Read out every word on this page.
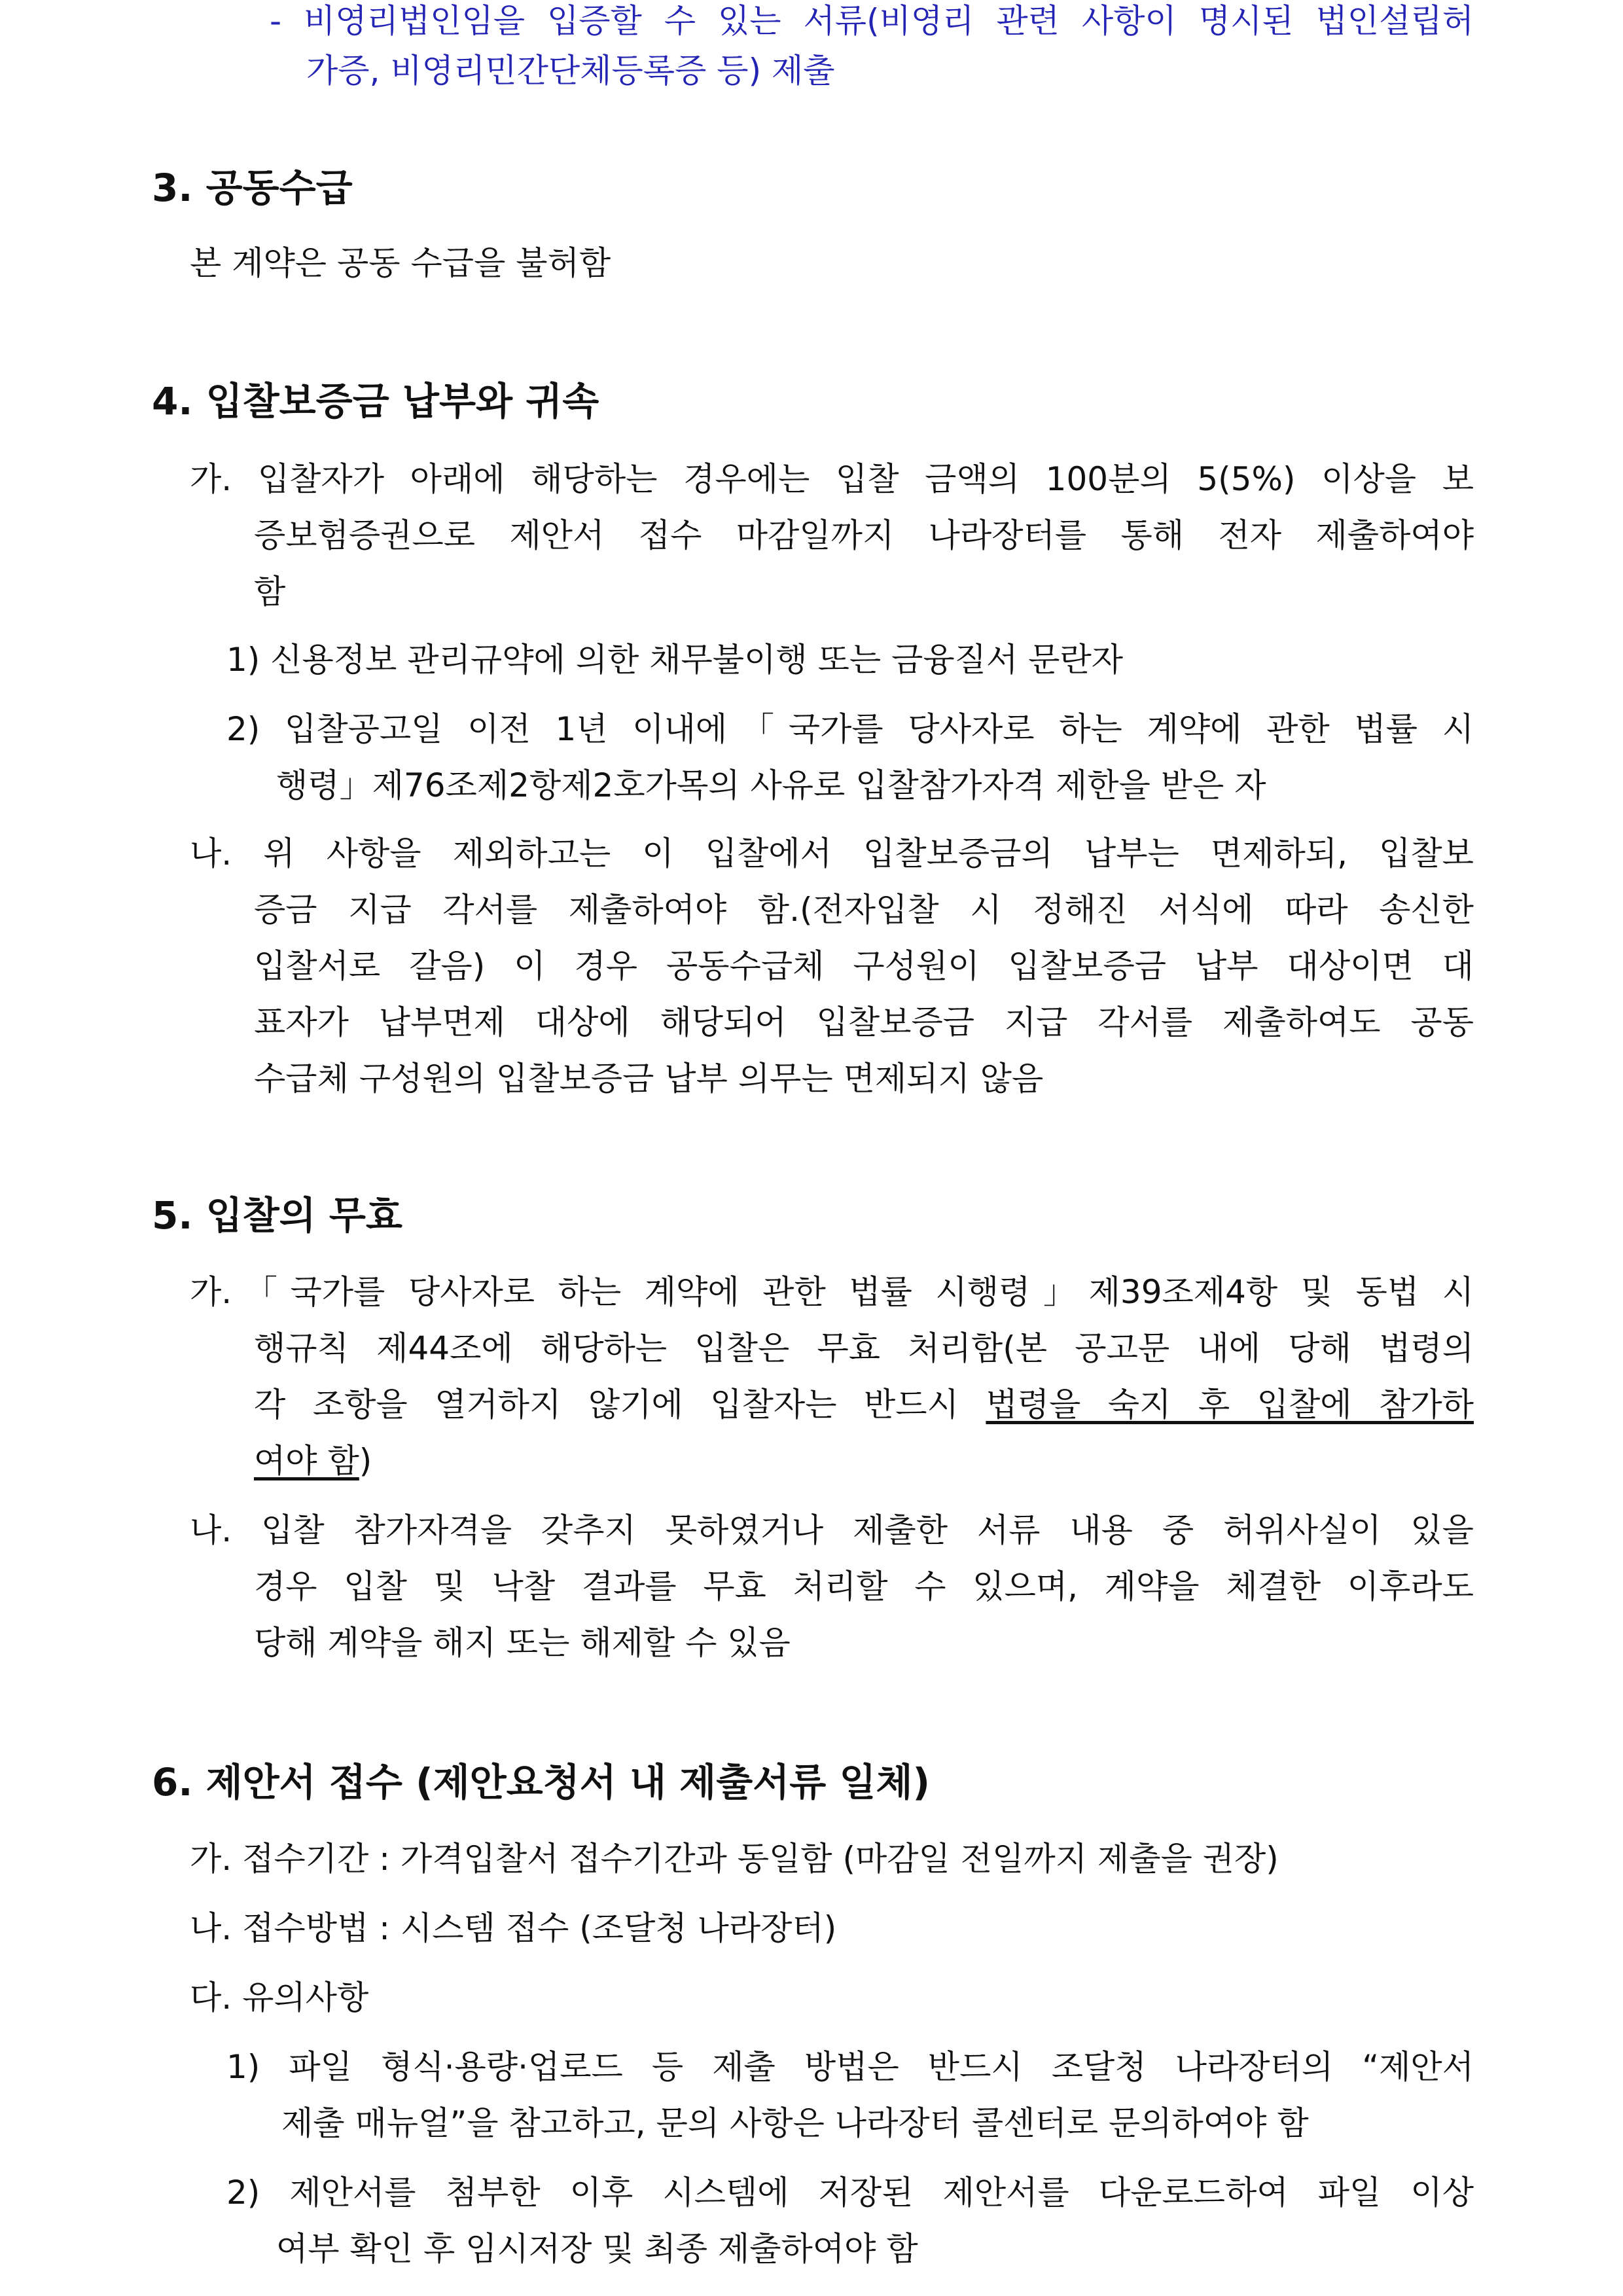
- 비영리법인임을 입증할 수 있는 서류(비영리 관련 사항이 명시된 법인설립허
가증, 비영리민간단체등록증 등) 제출
3. 공동수급
본 계약은 공동 수급을 불허함
4. 입찰보증금 납부와 귀속
가. 입찰자가 아래에 해당하는 경우에는 입찰 금액의 100분의 5(5%) 이상을 보
증보험증권으로 제안서 접수 마감일까지 나라장터를 통해 전자 제출하여야
함
1) 신용정보 관리규약에 의한 채무불이행 또는 금융질서 문란자
2) 입찰공고일 이전 1년 이내에「국가를 당사자로 하는 계약에 관한 법률 시
행령」제76조제2항제2호가목의 사유로 입찰참가자격 제한을 받은 자
나. 위 사항을 제외하고는 이 입찰에서 입찰보증금의 납부는 면제하되, 입찰보
증금 지급 각서를 제출하여야 함.(전자입찰 시 정해진 서식에 따라 송신한
입찰서로 갈음) 이 경우 공동수급체 구성원이 입찰보증금 납부 대상이면 대
표자가 납부면제 대상에 해당되어 입찰보증금 지급 각서를 제출하여도 공동
수급체 구성원의 입찰보증금 납부 의무는 면제되지 않음
5. 입찰의 무효
가.「국가를 당사자로 하는 계약에 관한 법률 시행령」제39조제4항 및 동법 시
행규칙 제44조에 해당하는 입찰은 무효 처리함(본 공고문 내에 당해 법령의
각 조항을 열거하지 않기에 입찰자는 반드시 법령을 숙지 후 입찰에 참가하
여야 함)
나. 입찰 참가자격을 갖추지 못하였거나 제출한 서류 내용 중 허위사실이 있을
경우 입찰 및 낙찰 결과를 무효 처리할 수 있으며, 계약을 체결한 이후라도
당해 계약을 해지 또는 해제할 수 있음
6. 제안서 접수 (제안요청서 내 제출서류 일체)
가. 접수기간 : 가격입찰서 접수기간과 동일함 (마감일 전일까지 제출을 권장)
나. 접수방법 : 시스템 접수 (조달청 나라장터)
다. 유의사항
1) 파일 형식·용량·업로드 등 제출 방법은 반드시 조달청 나라장터의 “제안서
제출 매뉴얼”을 참고하고, 문의 사항은 나라장터 콜센터로 문의하여야 함
2) 제안서를 첨부한 이후 시스템에 저장된 제안서를 다운로드하여 파일 이상
여부 확인 후 임시저장 및 최종 제출하여야 함
